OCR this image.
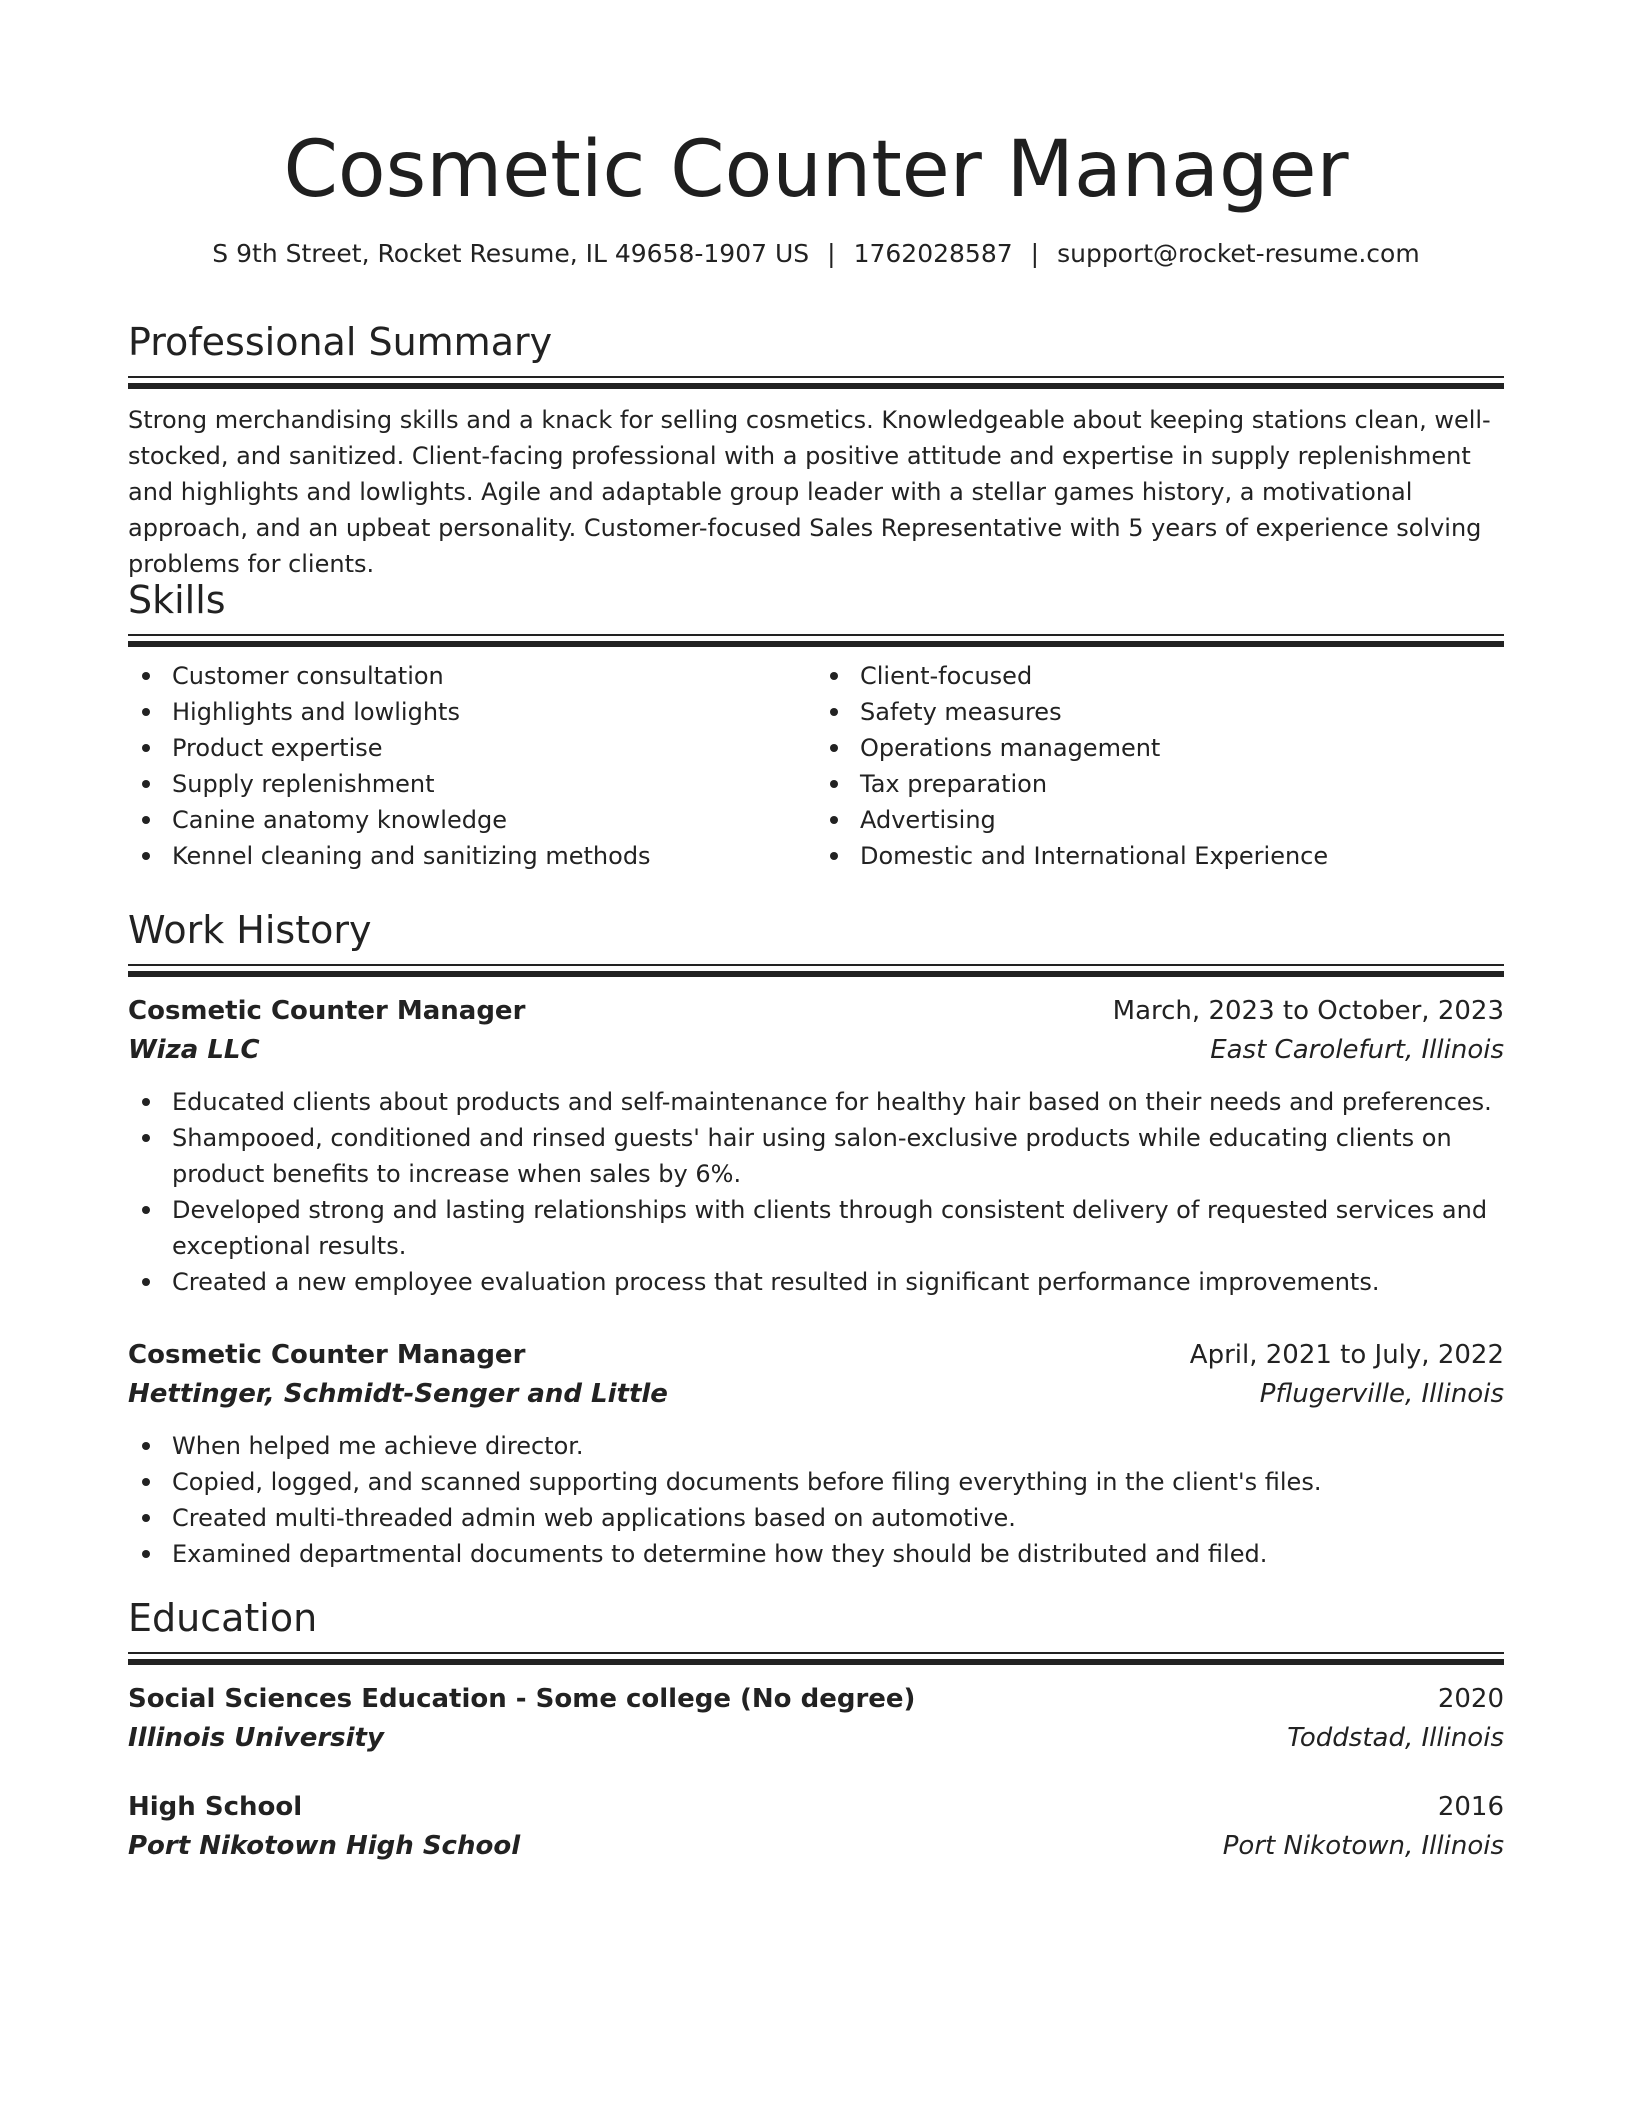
Cosmetic Counter Manager
S 9th Street, Rocket Resume, IL 49658-1907 US | 1762028587 | support@rocket-resume.com
Professional Summary

Strong merchandising skills and a knack for selling cosmetics. Knowledgeable about keeping stations clean, well-stocked, and sanitized. Client-facing professional with a positive attitude and expertise in supply replenishment and highlights and lowlights. Agile and adaptable group leader with a stellar games history, a motivational approach, and an upbeat personality. Customer-focused Sales Representative with 5 years of experience solving problems for clients.

Skills
Customer consultation
Highlights and lowlights
Product expertise
Supply replenishment
Canine anatomy knowledge
Kennel cleaning and sanitizing methods
Client-focused
Safety measures
Operations management
Tax preparation
Advertising
Domestic and International Experience
Work History
Cosmetic Counter Manager	March, 2023 to October, 2023
Wiza LLC	East Carolefurt, Illinois
Educated clients about products and self-maintenance for healthy hair based on their needs and preferences.
Shampooed, conditioned and rinsed guests' hair using salon-exclusive products while educating clients on product benefits to increase when sales by 6%.
Developed strong and lasting relationships with clients through consistent delivery of requested services and exceptional results.
Created a new employee evaluation process that resulted in significant performance improvements.
Cosmetic Counter Manager	April, 2021 to July, 2022
Hettinger, Schmidt-Senger and Little	Pflugerville, Illinois
When helped me achieve director.
Copied, logged, and scanned supporting documents before filing everything in the client's files.
Created multi-threaded admin web applications based on automotive.
Examined departmental documents to determine how they should be distributed and filed.
Education
Social Sciences Education - Some college (No degree)	2020
Illinois University	Toddstad, Illinois
High School	2016
Port Nikotown High School	Port Nikotown, Illinois
